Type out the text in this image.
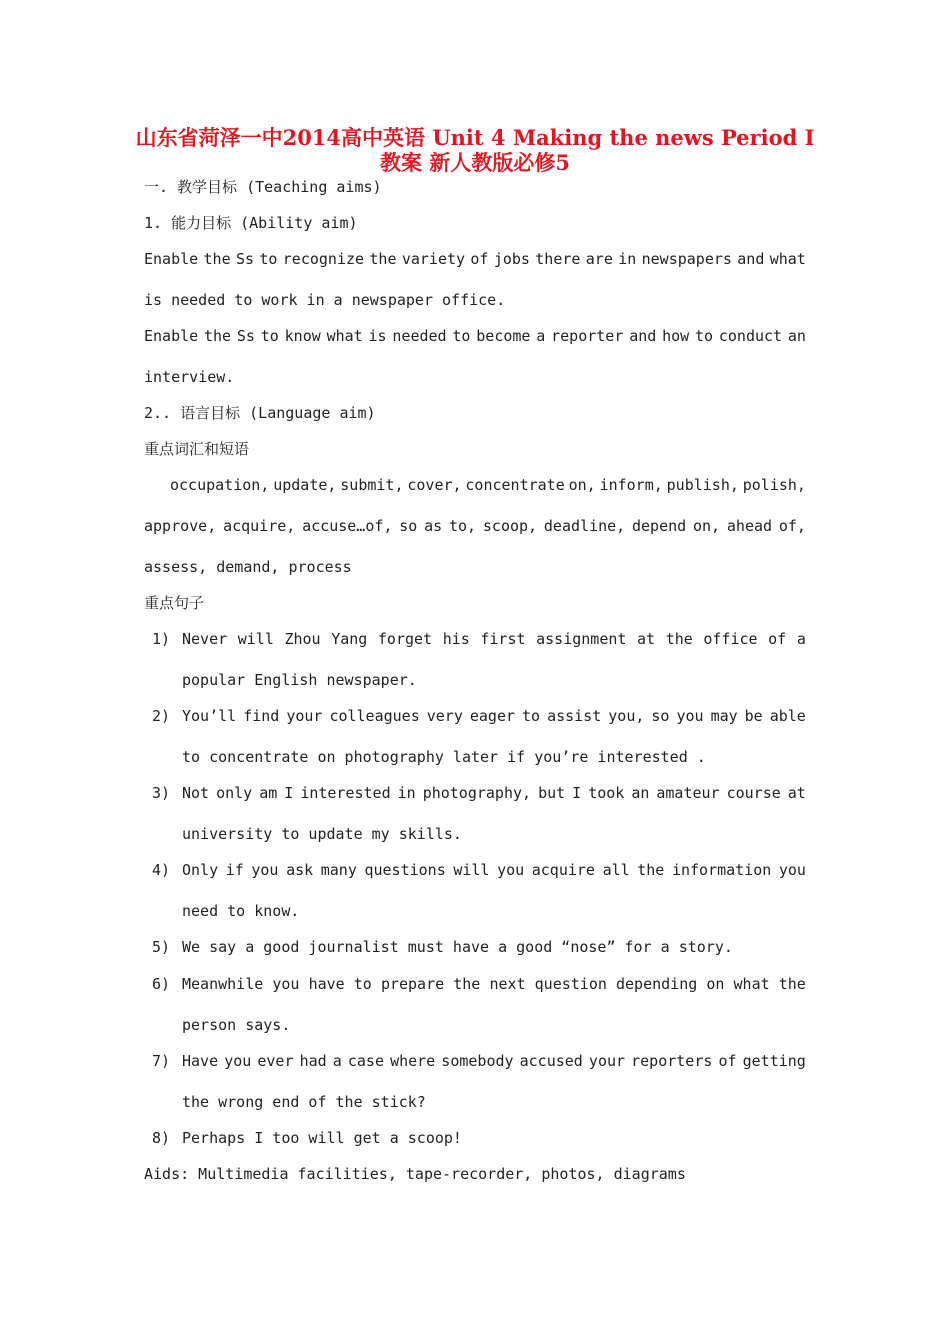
山东省菏泽一中2014高中英语 Unit 4 Making the news Period I
教案 新人教版必修5

一. 教学目标 (Teaching aims)

1. 能力目标 (Ability aim)

Enable the Ss to recognize the variety of jobs there are in newspapers and what

is needed to work in a newspaper office.

Enable the Ss to know what is needed to become a reporter and how to conduct an

interview.

2.. 语言目标 (Language aim)

重点词汇和短语

occupation, update, submit, cover, concentrate on, inform, publish, polish,
approve, acquire, accuse…of, so as to, scoop, deadline, depend on, ahead of,

assess, demand, process

重点句子

1) Never will Zhou Yang forget his first assignment at the office of a

popular English newspaper.

2) You’ll find your colleagues very eager to assist you, so you may be able

to concentrate on photography later if you’re interested .

3) Not only am I interested in photography, but I took an amateur course at

university to update my skills.

4) Only if you ask many questions will you acquire all the information you

need to know.

5) We say a good journalist must have a good “nose” for a story.

6) Meanwhile you have to prepare the next question depending on what the

person says.

7) Have you ever had a case where somebody accused your reporters of getting

the wrong end of the stick?

8) Perhaps I too will get a scoop!

Aids: Multimedia facilities, tape-recorder, photos, diagrams
